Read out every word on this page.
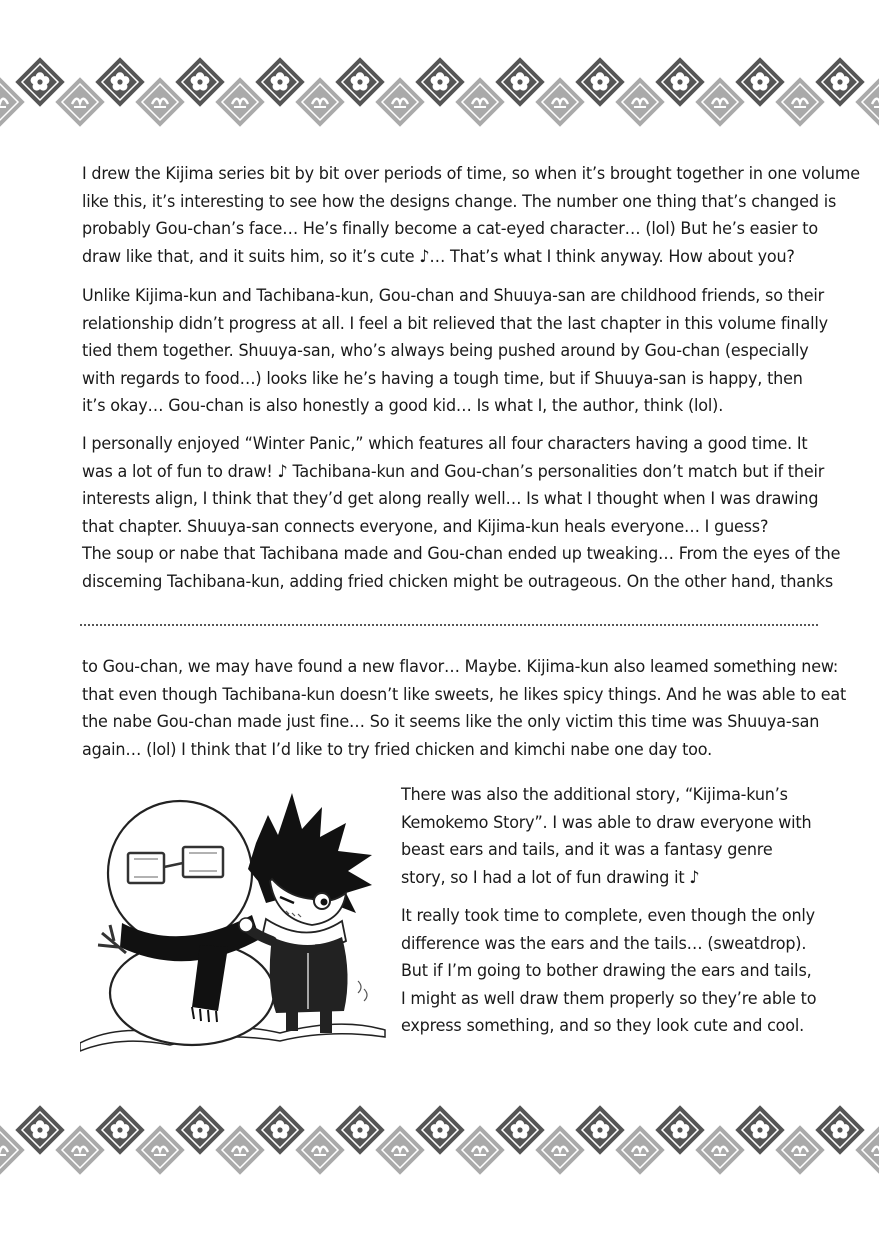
I drew the Kijima series bit by bit over periods of time, so when it’s brought together in one volume
like this, it’s interesting to see how the designs change. The number one thing that’s changed is
probably Gou-chan’s face… He’s finally become a cat-eyed character… (lol) But he’s easier to
draw like that, and it suits him, so it’s cute ♪… That’s what I think anyway. How about you?
Unlike Kijima-kun and Tachibana-kun, Gou-chan and Shuuya-san are childhood friends, so their
relationship didn’t progress at all. I feel a bit relieved that the last chapter in this volume finally
tied them together. Shuuya-san, who’s always being pushed around by Gou-chan (especially
with regards to food…) looks like he’s having a tough time, but if Shuuya-san is happy, then
it’s okay… Gou-chan is also honestly a good kid… Is what I, the author, think (lol).
I personally enjoyed “Winter Panic,” which features all four characters having a good time. It
was a lot of fun to draw! ♪ Tachibana-kun and Gou-chan’s personalities don’t match but if their
interests align, I think that they’d get along really well… Is what I thought when I was drawing
that chapter. Shuuya-san connects everyone, and Kijima-kun heals everyone… I guess?
The soup or nabe that Tachibana made and Gou-chan ended up tweaking… From the eyes of the
disceming Tachibana-kun, adding fried chicken might be outrageous. On the other hand, thanks
to Gou-chan, we may have found a new flavor… Maybe. Kijima-kun also leamed something new:
that even though Tachibana-kun doesn’t like sweets, he likes spicy things. And he was able to eat
the nabe Gou-chan made just fine… So it seems like the only victim this time was Shuuya-san
again… (lol) I think that I’d like to try fried chicken and kimchi nabe one day too.
There was also the additional story, “Kijima-kun’s
Kemokemo Story”. I was able to draw everyone with
beast ears and tails, and it was a fantasy genre
story, so I had a lot of fun drawing it ♪
It really took time to complete, even though the only
difference was the ears and the tails… (sweatdrop).
But if I’m going to bother drawing the ears and tails,
I might as well draw them properly so they’re able to
express something, and so they look cute and cool.
